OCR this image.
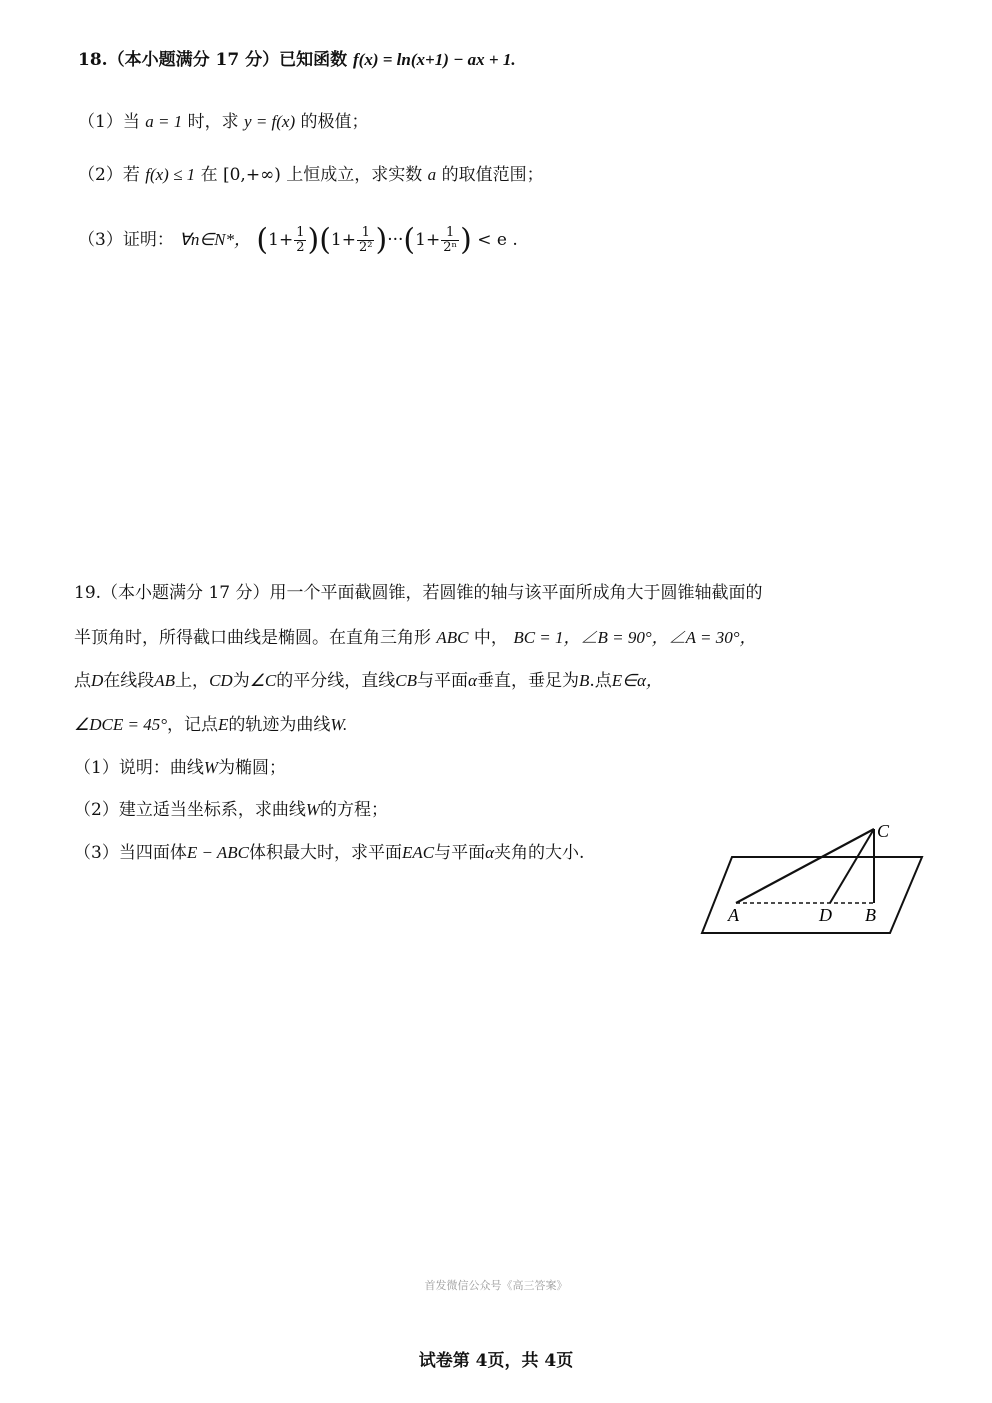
18.（本小题满分 17 分）已知函数 f(x) = ln(x+1) − ax + 1.
（1）当 a = 1 时，求 y = f(x) 的极值；
（2）若 f(x) ≤ 1 在 [0,+∞) 上恒成立，求实数 a 的取值范围；
（3）证明： ∀n∈N*， $(1+ \frac{1}{2} )(1+ \frac{1}{\text{2²}} )\cdot\cdot\cdot(1+ \frac{1}{\text{2ⁿ}}$ ) < e .
19.（本小题满分 17 分）用一个平面截圆锥，若圆锥的轴与该平面所成角大于圆锥轴截面的
半顶角时，所得截口曲线是椭圆。在直角三角形 ABC 中， BC = 1，∠B = 90°，∠A = 30°，
点D在线段AB上，CD为∠C的平分线，直线CB与平面α垂直，垂足为B.点E∈α，
∠DCE = 45°，记点E的轨迹为曲线W.
（1）说明：曲线W为椭圆；
（2）建立适当坐标系，求曲线W的方程；
（3）当四面体E − ABC体积最大时，求平面EAC与平面α夹角的大小.
A	D B
C
首发微信公众号《高三答案》
试卷第 4页，共 4页
